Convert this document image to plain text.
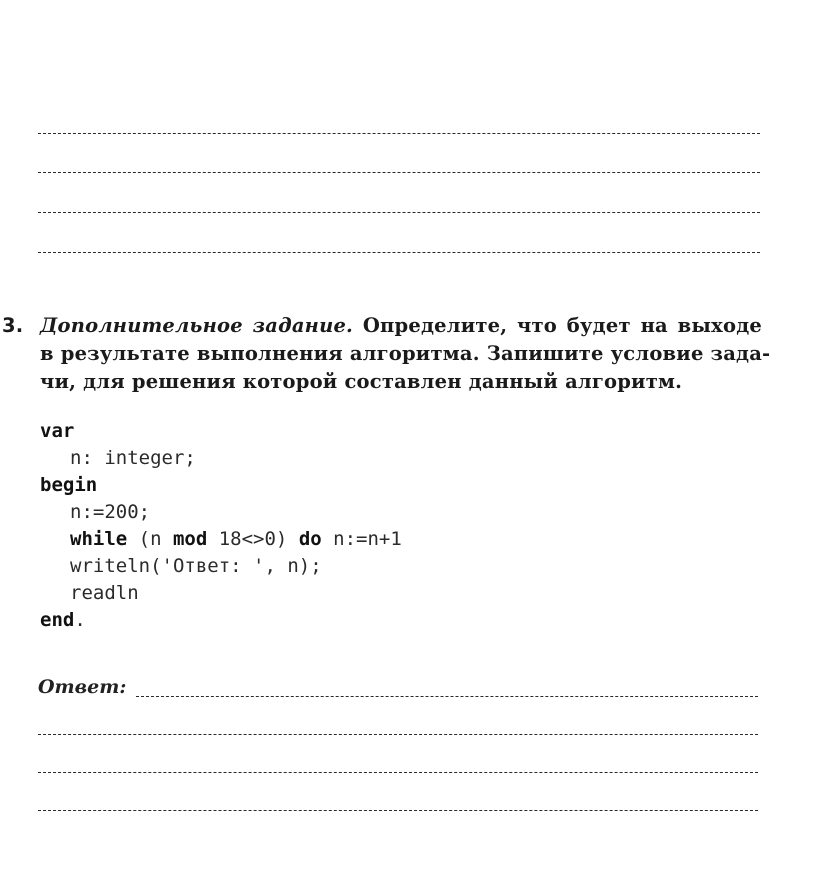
3. Дополнительное задание. Определите, что будет на выходе
в результате выполнения алгоритма. Запишите условие зада-
чи, для решения которой составлен данный алгоритм.
var
n: integer;
begin
n:=200;
while (n mod 18<>0) do n:=n+1
writeln('Ответ: ', n);
readln
end.
Ответ:
